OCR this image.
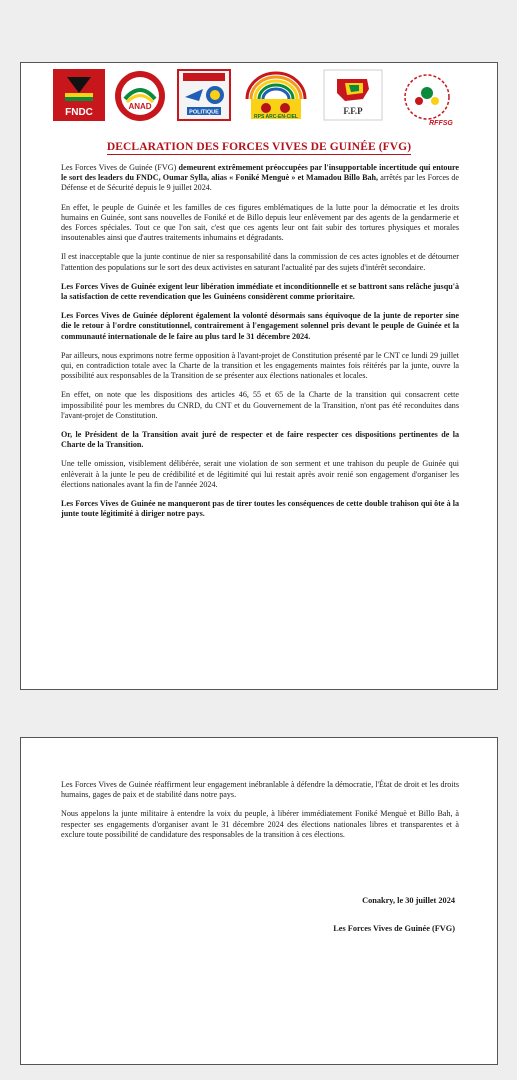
FNDC
ANAD
POLITIQUE
RPS ARC-EN-CIEL
F.F.P
RFFSG
DECLARATION DES FORCES VIVES DE GUINÉE (FVG)

Les Forces Vives de Guinée (FVG) demeurent extrêmement préoccupées par l'insupportable incertitude qui entoure le sort des leaders du FNDC, Oumar Sylla, alias « Foniké Menguè » et Mamadou Billo Bah, arrêtés par les Forces de Défense et de Sécurité depuis le 9 juillet 2024.

En effet, le peuple de Guinée et les familles de ces figures emblématiques de la lutte pour la démocratie et les droits humains en Guinée, sont sans nouvelles de Foniké et de Billo depuis leur enlèvement par des agents de la gendarmerie et des Forces spéciales. Tout ce que l'on sait, c'est que ces agents leur ont fait subir des tortures physiques et morales insoutenables ainsi que d'autres traitements inhumains et dégradants.

Il est inacceptable que la junte continue de nier sa responsabilité dans la commission de ces actes ignobles et de détourner l'attention des populations sur le sort des deux activistes en saturant l'actualité par des sujets d'intérêt secondaire.

Les Forces Vives de Guinée exigent leur libération immédiate et inconditionnelle et se battront sans relâche jusqu'à la satisfaction de cette revendication que les Guinéens considèrent comme prioritaire.

Les Forces Vives de Guinée déplorent également la volonté désormais sans équivoque de la junte de reporter sine die le retour à l'ordre constitutionnel, contrairement à l'engagement solennel pris devant le peuple de Guinée et la communauté internationale de le faire au plus tard le 31 décembre 2024.

Par ailleurs, nous exprimons notre ferme opposition à l'avant-projet de Constitution présenté par le CNT ce lundi 29 juillet qui, en contradiction totale avec la Charte de la transition et les engagements maintes fois réitérés par la junte, ouvre la possibilité aux responsables de la Transition de se présenter aux élections nationales et locales.

En effet, on note que les dispositions des articles 46, 55 et 65 de la Charte de la transition qui consacrent cette impossibilité pour les membres du CNRD, du CNT et du Gouvernement de la Transition, n'ont pas été reconduites dans l'avant-projet de Constitution.

Or, le Président de la Transition avait juré de respecter et de faire respecter ces dispositions pertinentes de la Charte de la Transition.

Une telle omission, visiblement délibérée, serait une violation de son serment et une trahison du peuple de Guinée qui enlèverait à la junte le peu de crédibilité et de légitimité qui lui restait après avoir renié son engagement d'organiser les élections nationales avant la fin de l'année 2024.

Les Forces Vives de Guinée ne manqueront pas de tirer toutes les conséquences de cette double trahison qui ôte à la junte toute légitimité à diriger notre pays.

Les Forces Vives de Guinée réaffirment leur engagement inébranlable à défendre la démocratie, l'État de droit et les droits humains, gages de paix et de stabilité dans notre pays.

Nous appelons la junte militaire à entendre la voix du peuple, à libérer immédiatement Foniké Menguè et Billo Bah, à respecter ses engagements d'organiser avant le 31 décembre 2024 des élections nationales libres et transparentes et à exclure toute possibilité de candidature des responsables de la transition à ces élections.

Conakry, le 30 juillet 2024
Les Forces Vives de Guinée (FVG)
